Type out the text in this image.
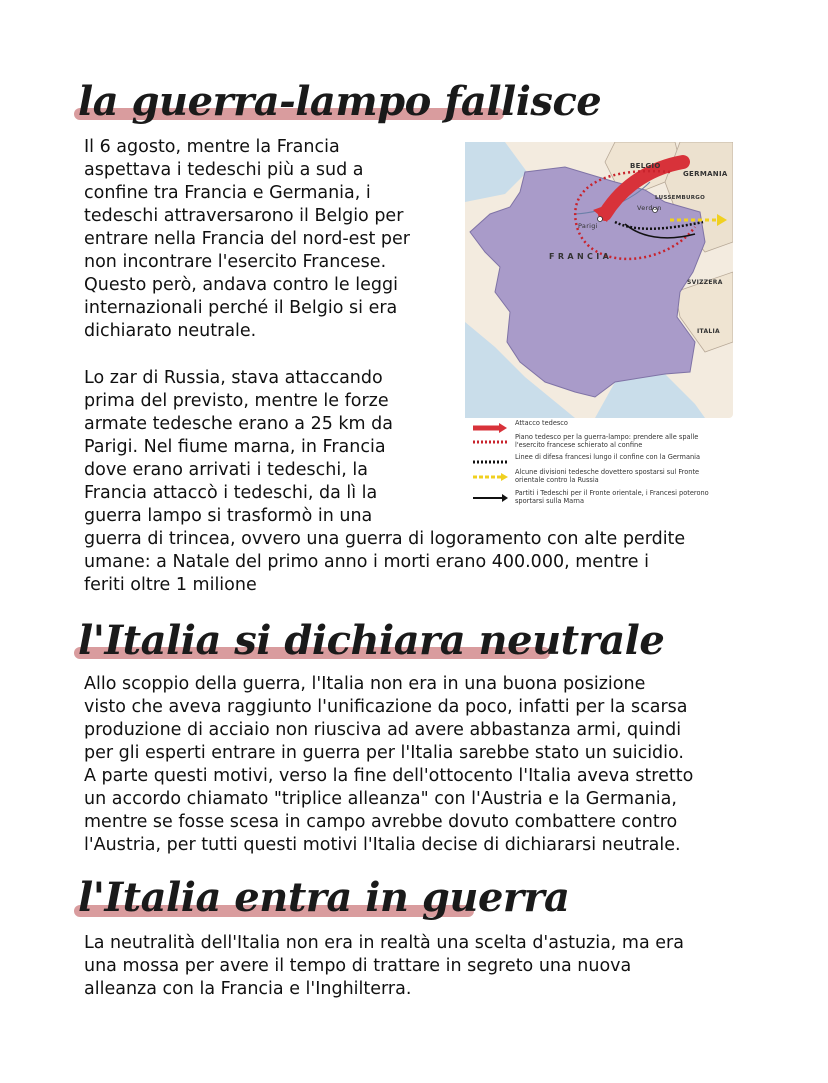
la guerra-lampo fallisce

Il 6 agosto, mentre la Francia
aspettava i tedeschi più a sud a
confine tra Francia e Germania, i
tedeschi attraversarono il Belgio per
entrare nella Francia del nord-est per
non incontrare l'esercito Francese.
Questo però, andava contro le leggi
internazionali perché il Belgio si era
dichiarato neutrale.

Lo zar di Russia, stava attaccando
prima del previsto, mentre le forze
armate tedesche erano a 25 km da
Parigi. Nel fiume marna, in Francia
dove erano arrivati i tedeschi, la
Francia attaccò i tedeschi, da lì la
guerra lampo si trasformò in una
guerra di trincea, ovvero una guerra di logoramento con alte perdite
umane: a Natale del primo anno i morti erano 400.000, mentre i
feriti oltre 1 milione

BELGIO
GERMANIA
LUSSEMBURGO
Verdun
Parigi
F R A N C I A
SVIZZERA
ITALIA
Attacco tedesco
Piano tedesco per la guerra-lampo: prendere alle spalle l'esercito francese schierato al confine
Linee di difesa francesi lungo il confine con la Germania
Alcune divisioni tedesche dovettero spostarsi sul Fronte orientale contro la Russia
Partiti i Tedeschi per il Fronte orientale, i Francesi poterono sportarsi sulla Marna
l'Italia si dichiara neutrale

Allo scoppio della guerra, l'Italia non era in una buona posizione
visto che aveva raggiunto l'unificazione da poco, infatti per la scarsa
produzione di acciaio non riusciva ad avere abbastanza armi, quindi
per gli esperti entrare in guerra per l'Italia sarebbe stato un suicidio.
A parte questi motivi, verso la fine dell'ottocento l'Italia aveva stretto
un accordo chiamato "triplice alleanza" con l'Austria e la Germania,
mentre se fosse scesa in campo avrebbe dovuto combattere contro
l'Austria, per tutti questi motivi l'Italia decise di dichiararsi neutrale.

l'Italia entra in guerra

La neutralità dell'Italia non era in realtà una scelta d'astuzia, ma era
una mossa per avere il tempo di trattare in segreto una nuova
alleanza con la Francia e l'Inghilterra.
